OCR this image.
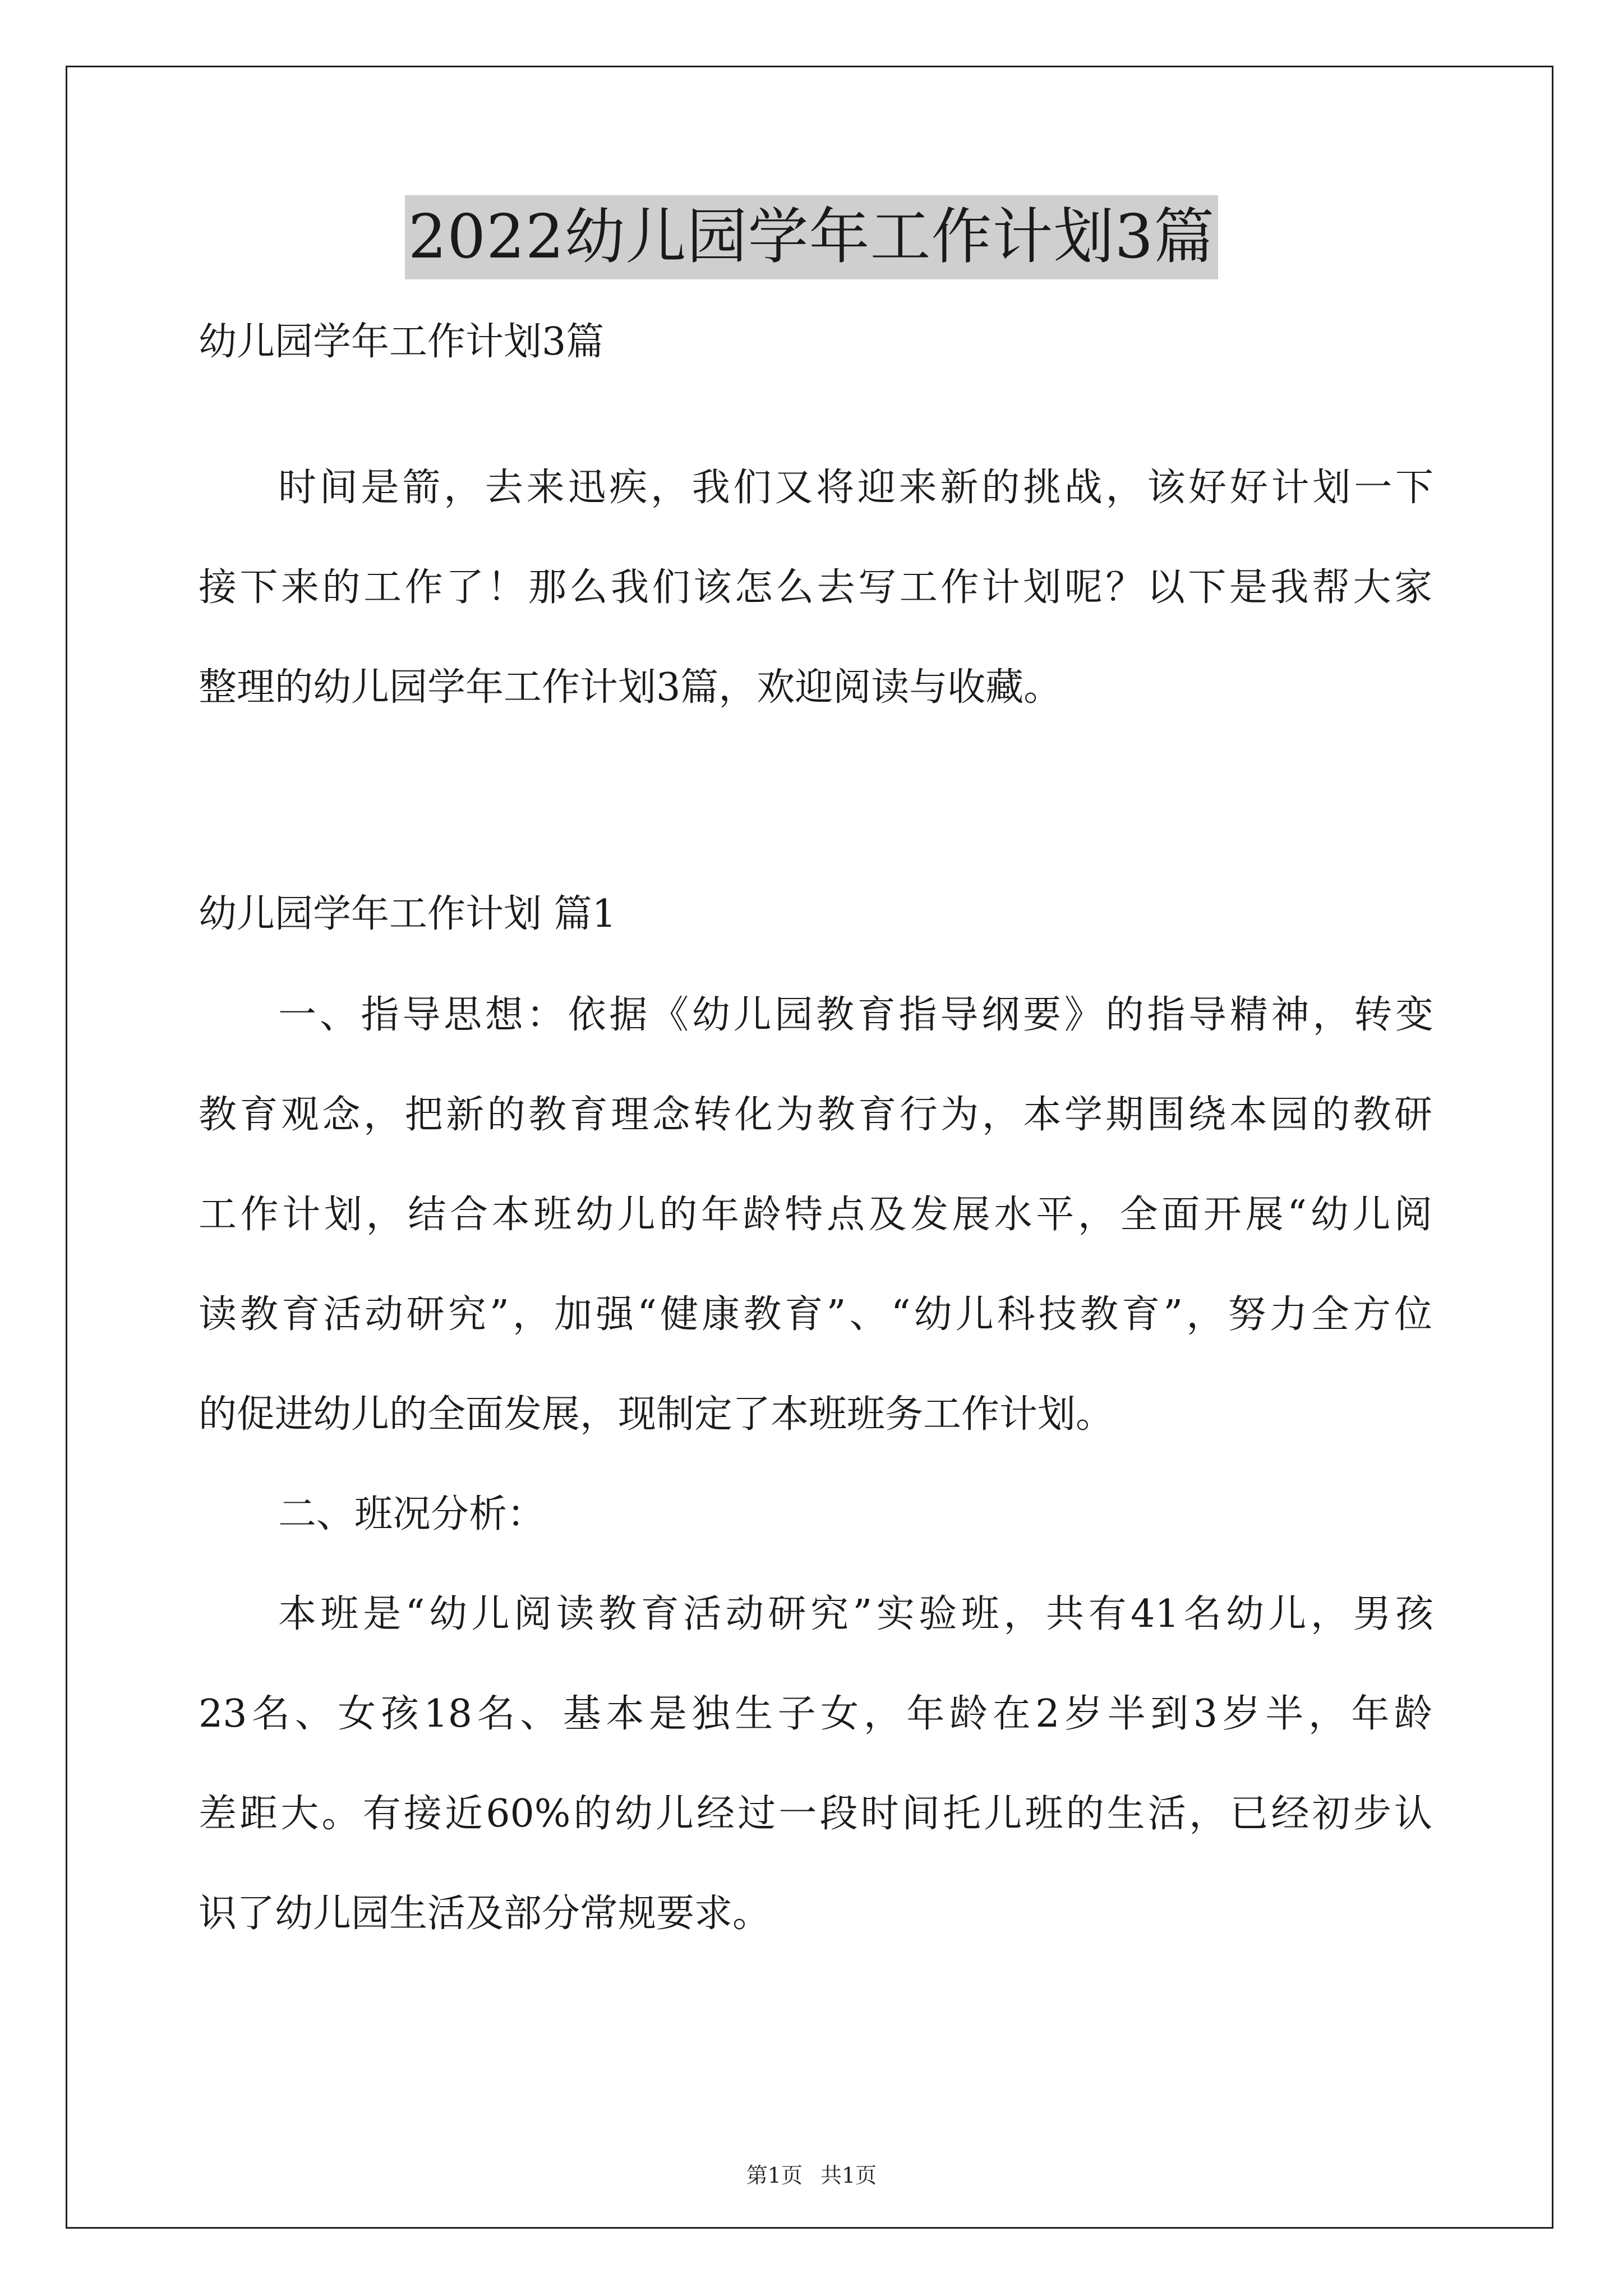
2022幼儿园学年工作计划3篇
幼儿园学年工作计划3篇
时间是箭，去来迅疾，我们又将迎来新的挑战，该好好计划一下
接下来的工作了！那么我们该怎么去写工作计划呢？以下是我帮大家
整理的幼儿园学年工作计划3篇，欢迎阅读与收藏。
幼儿园学年工作计划 篇1
一、指导思想：依据《幼儿园教育指导纲要》的指导精神，转变
教育观念，把新的教育理念转化为教育行为，本学期围绕本园的教研
工作计划，结合本班幼儿的年龄特点及发展水平，全面开展“幼儿阅
读教育活动研究”，加强“健康教育”、“幼儿科技教育”，努力全方位
的促进幼儿的全面发展，现制定了本班班务工作计划。
二、班况分析：
本班是“幼儿阅读教育活动研究”实验班，共有41名幼儿，男孩
23名、女孩18名、基本是独生子女，年龄在2岁半到3岁半，年龄
差距大。有接近60%的幼儿经过一段时间托儿班的生活，已经初步认
识了幼儿园生活及部分常规要求。
第1页 共1页
